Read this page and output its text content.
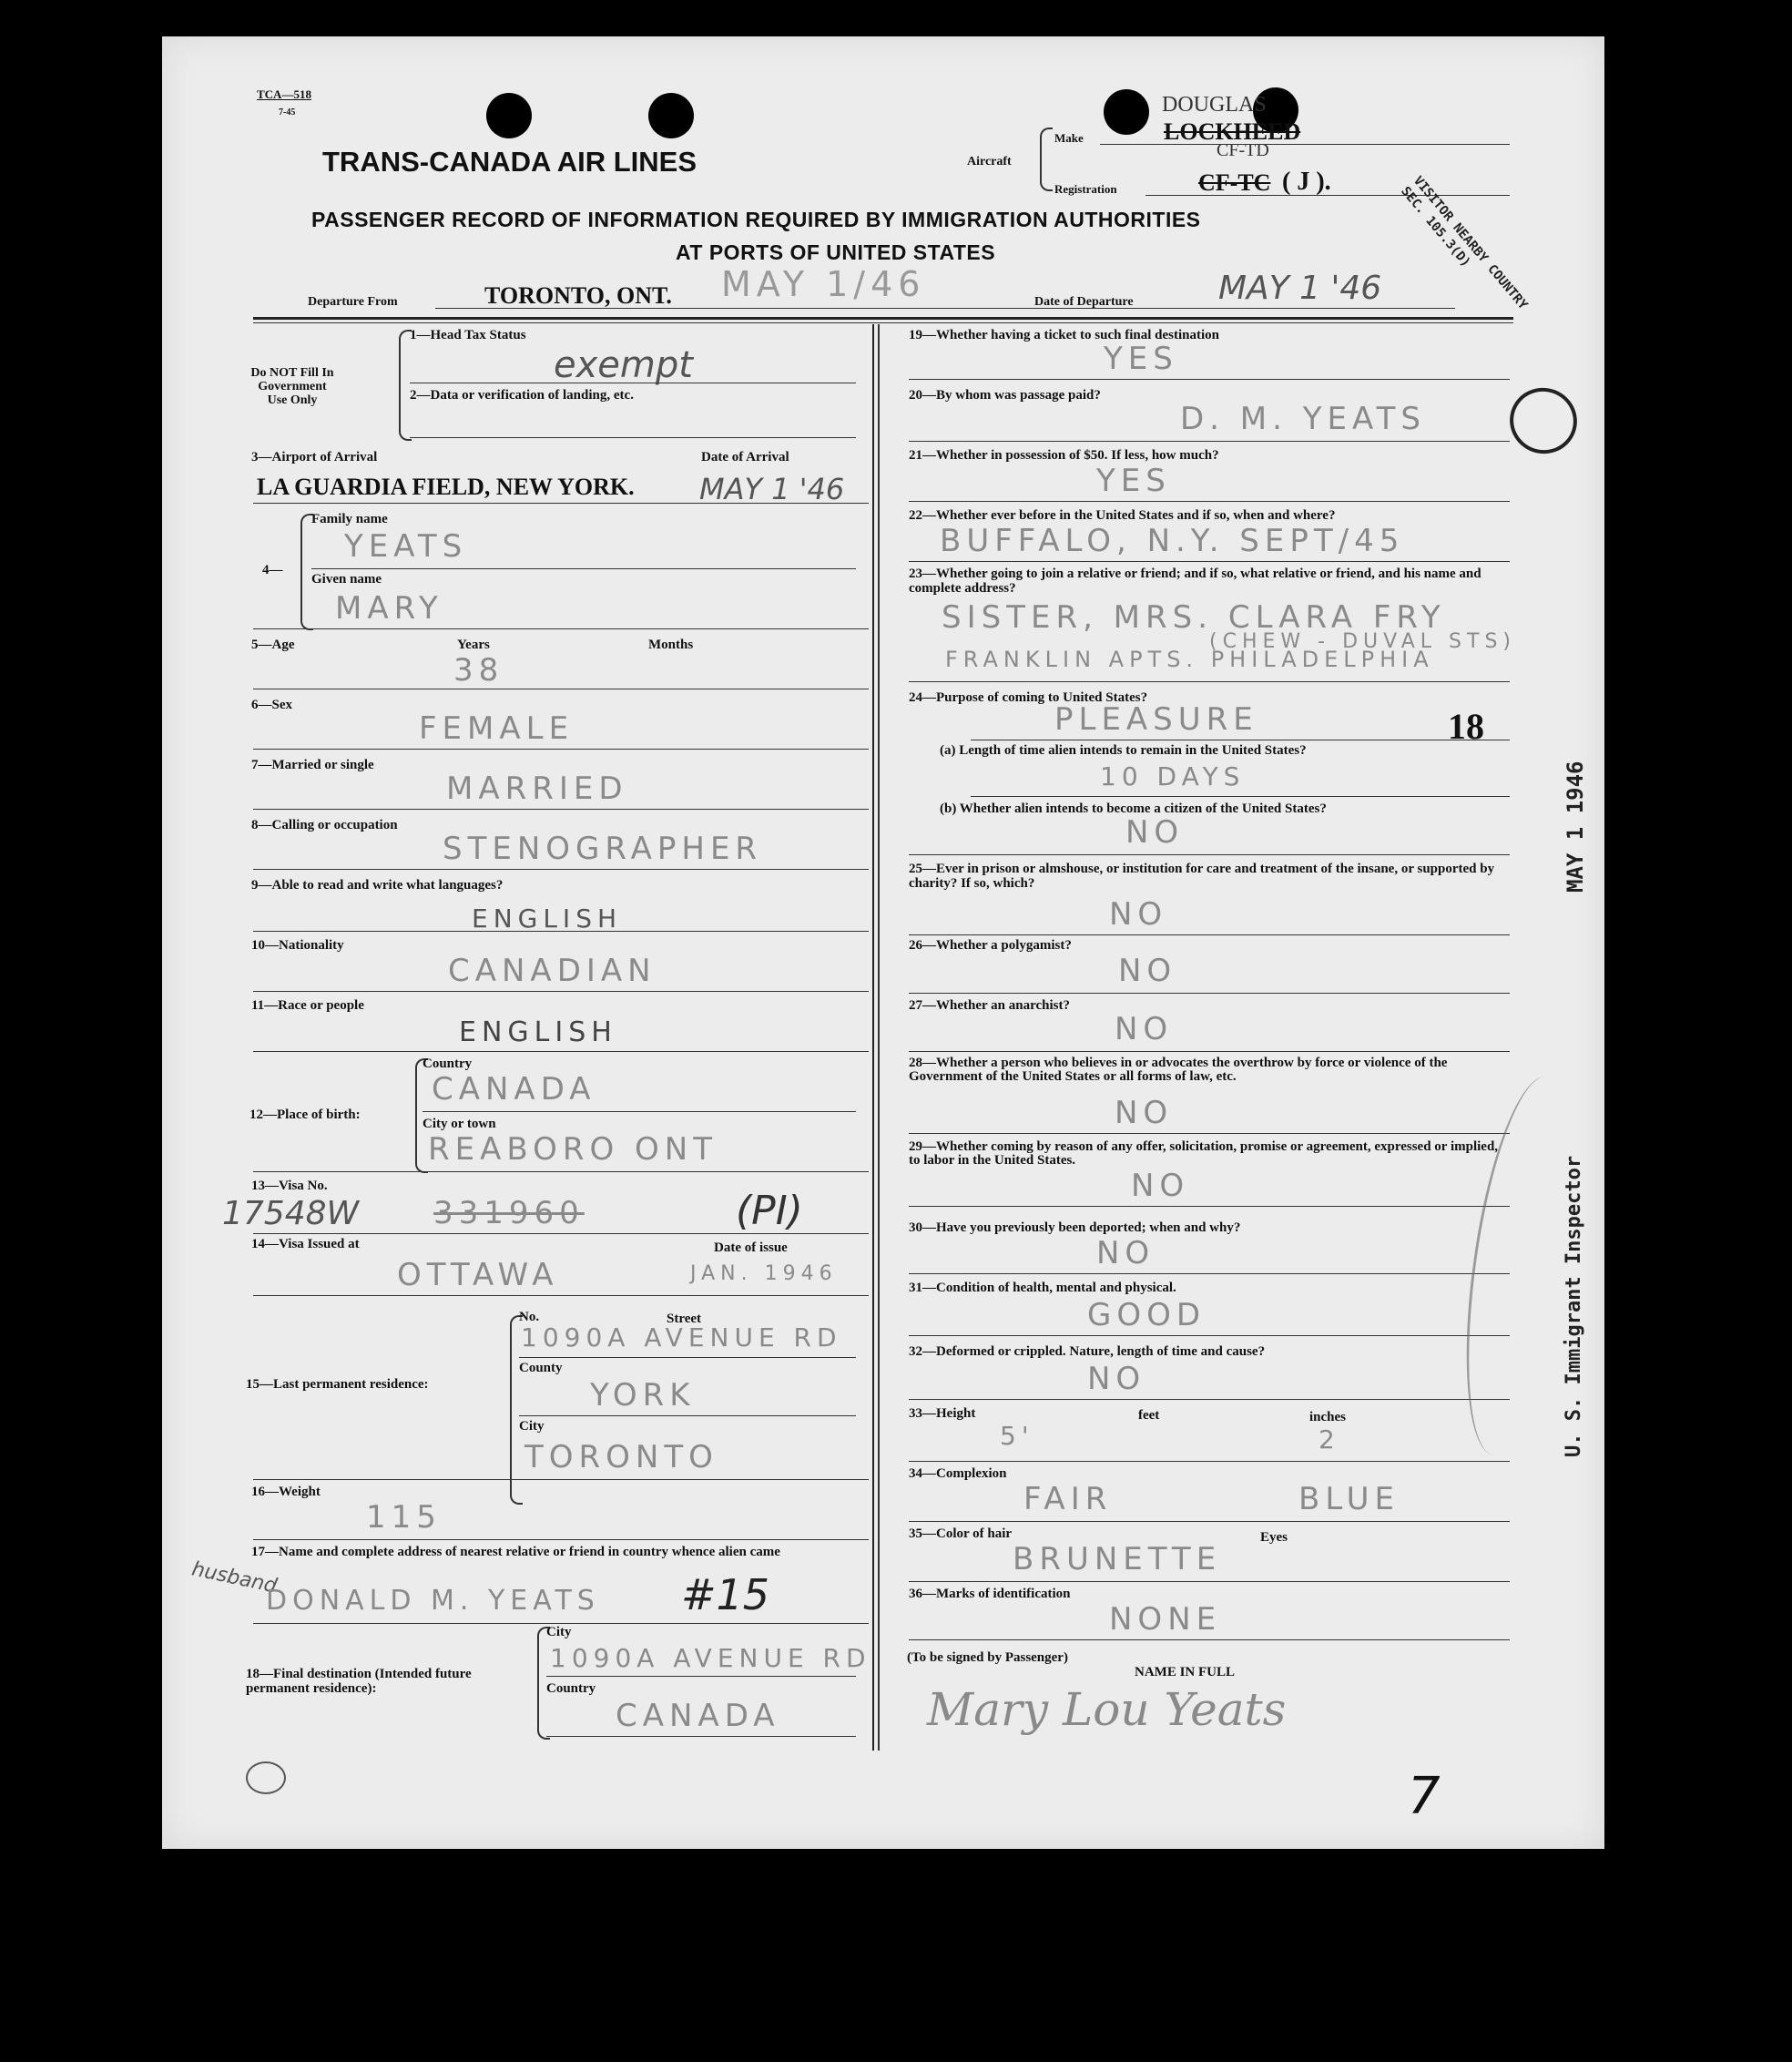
TCA—518
7-45
TRANS-CANADA AIR LINES	Aircraft
Make	LOCKHEED
DOUGLAS
Registration	CF-TC
CF-TD
( J ).
PASSENGER RECORD OF INFORMATION REQUIRED BY IMMIGRATION AUTHORITIES
AT PORTS OF UNITED STATES	VISITOR NEARBY COUNTRY SEC. 105.3(D)
Departure From	TORONTO, ONT. MAY 1/46	Date of Departure	MAY 1 '46
Do NOT Fill In Government Use Only
1—Head Tax Status
exempt
2—Data or verification of landing, etc.
3—Airport of Arrival	Date of Arrival
LA GUARDIA FIELD, NEW YORK. MAY 1 '46
4—
Family name
YEATS
Given name
MARY
5—Age	Years	Months
38
6—Sex
FEMALE
7—Married or single
MARRIED
8—Calling or occupation
STENOGRAPHER
9—Able to read and write what languages?
ENGLISH
10—Nationality
CANADIAN
11—Race or people
ENGLISH
12—Place of birth:
Country
CANADA
City or town
REABORO ONT
13—Visa No.
17548W 331960	(PI)
14—Visa Issued at	Date of issue
OTTAWA	JAN. 1946
15—Last permanent residence:
No.	Street
1090A AVENUE RD
County
YORK
City
TORONTO
16—Weight
115
17—Name and complete address of nearest relative or friend in country whence alien came
husband
DONALD M. YEATS #15
18—Final destination (Intended future permanent residence):
City
1090A AVENUE RD
Country
CANADA
19—Whether having a ticket to such final destination
YES
20—By whom was passage paid?
D. M. YEATS
21—Whether in possession of $50. If less, how much?
YES
22—Whether ever before in the United States and if so, when and where?
BUFFALO, N.Y. SEPT/45
23—Whether going to join a relative or friend; and if so, what relative or friend, and his name and complete address?
SISTER, MRS. CLARA FRY
FRANKLIN APTS. PHILADELPHIA
(CHEW - DUVAL STS)
24—Purpose of coming to United States?
PLEASURE	18
(a) Length of time alien intends to remain in the United States?
10 DAYS
(b) Whether alien intends to become a citizen of the United States?
NO
25—Ever in prison or almshouse, or institution for care and treatment of the insane, or supported by charity? If so, which?
NO
26—Whether a polygamist?
NO
27—Whether an anarchist?
NO
28—Whether a person who believes in or advocates the overthrow by force or violence of the Government of the United States or all forms of law, etc.
NO
29—Whether coming by reason of any offer, solicitation, promise or agreement, expressed or implied, to labor in the United States.
NO
30—Have you previously been deported; when and why?
NO
31—Condition of health, mental and physical.
GOOD
32—Deformed or crippled. Nature, length of time and cause?
NO
33—Height	feet	inches
5'	2
34—Complexion
FAIR	BLUE
35—Color of hair	Eyes
BRUNETTE
36—Marks of identification
NONE
(To be signed by Passenger)
NAME IN FULL
Mary Lou Yeats
7
MAY 1 1946
U. S. Immigrant Inspector
